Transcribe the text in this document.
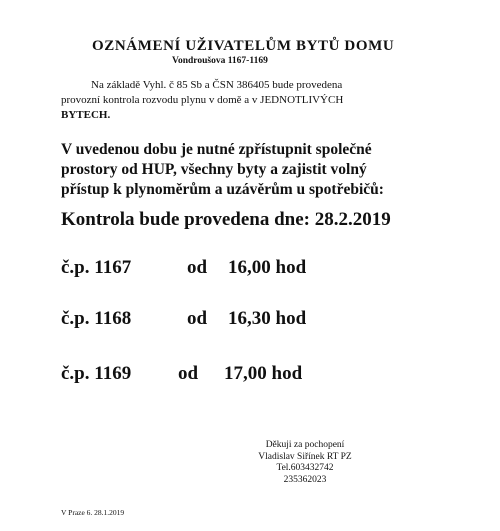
OZNÁMENÍ UŽIVATELŮM BYTŮ DOMU
Vondroušova 1167-1169
Na základě Vyhl. č 85 Sb a ČSN 386405 bude provedena
provozní kontrola rozvodu plynu v domě a v JEDNOTLIVÝCH
BYTECH.
V uvedenou dobu je nutné zpřístupnit společné
prostory od HUP, všechny byty a zajistit volný
přístup k plynoměrům a uzávěrům u spotřebičů:
Kontrola bude provedena dne: 28.2.2019
č.p. 1167	od 16,00 hod
č.p. 1168	od 16,30 hod
č.p. 1169 od 17,00 hod
Děkuji za pochopení
Vladislav Siřínek RT PZ
Tel.603432742
235362023
V Praze 6. 28.1.2019
